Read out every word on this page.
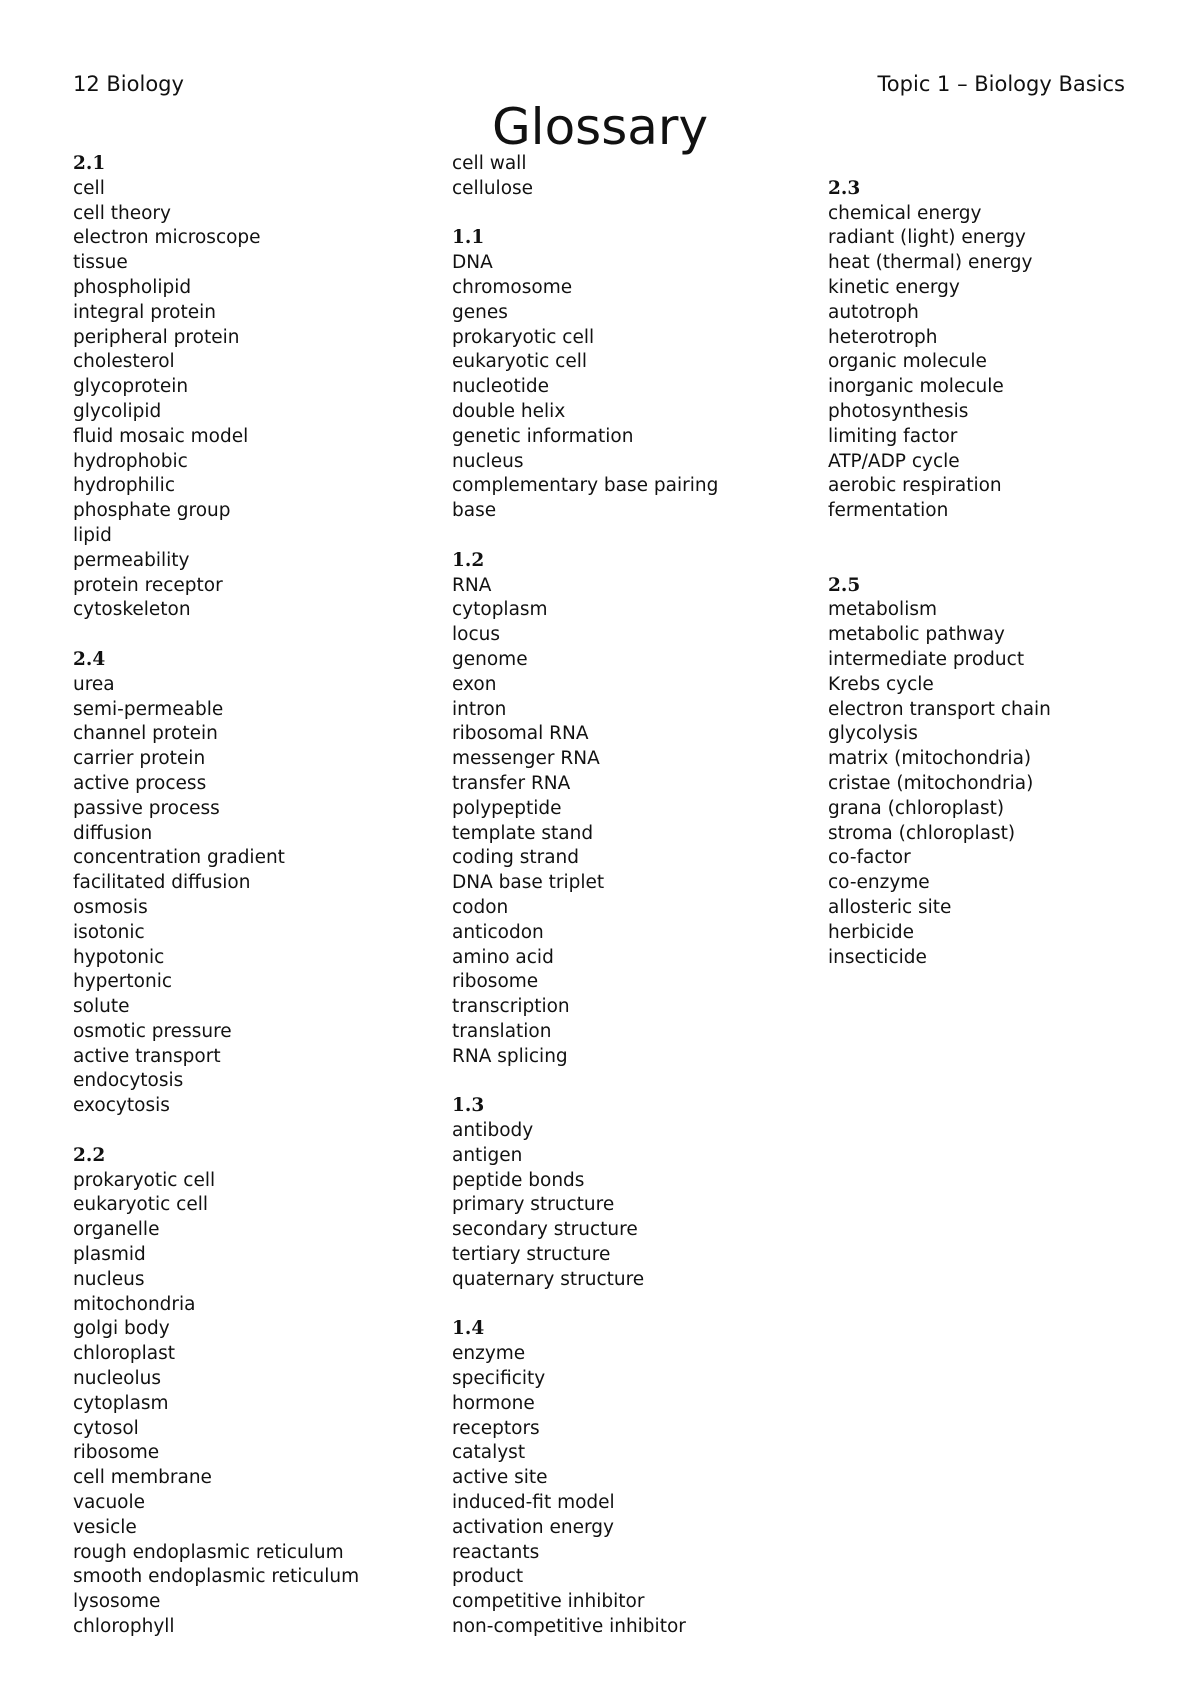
12 Biology	Topic 1 – Biology Basics
Glossary
2.1
cell
cell theory
electron microscope
tissue
phospholipid
integral protein
peripheral protein
cholesterol
glycoprotein
glycolipid
fluid mosaic model
hydrophobic
hydrophilic
phosphate group
lipid
permeability
protein receptor
cytoskeleton
2.4
urea
semi-permeable
channel protein
carrier protein
active process
passive process
diffusion
concentration gradient
facilitated diffusion
osmosis
isotonic
hypotonic
hypertonic
solute
osmotic pressure
active transport
endocytosis
exocytosis
2.2
prokaryotic cell
eukaryotic cell
organelle
plasmid
nucleus
mitochondria
golgi body
chloroplast
nucleolus
cytoplasm
cytosol
ribosome
cell membrane
vacuole
vesicle
rough endoplasmic reticulum
smooth endoplasmic reticulum
lysosome
chlorophyll
cell wall
cellulose
1.1
DNA
chromosome
genes
prokaryotic cell
eukaryotic cell
nucleotide
double helix
genetic information
nucleus
complementary base pairing
base
1.2
RNA
cytoplasm
locus
genome
exon
intron
ribosomal RNA
messenger RNA
transfer RNA
polypeptide
template stand
coding strand
DNA base triplet
codon
anticodon
amino acid
ribosome
transcription
translation
RNA splicing
1.3
antibody
antigen
peptide bonds
primary structure
secondary structure
tertiary structure
quaternary structure
1.4
enzyme
specificity
hormone
receptors
catalyst
active site
induced-fit model
activation energy
reactants
product
competitive inhibitor
non-competitive inhibitor
2.3
chemical energy
radiant (light) energy
heat (thermal) energy
kinetic energy
autotroph
heterotroph
organic molecule
inorganic molecule
photosynthesis
limiting factor
ATP/ADP cycle
aerobic respiration
fermentation
2.5
metabolism
metabolic pathway
intermediate product
Krebs cycle
electron transport chain
glycolysis
matrix (mitochondria)
cristae (mitochondria)
grana (chloroplast)
stroma (chloroplast)
co-factor
co-enzyme
allosteric site
herbicide
insecticide
